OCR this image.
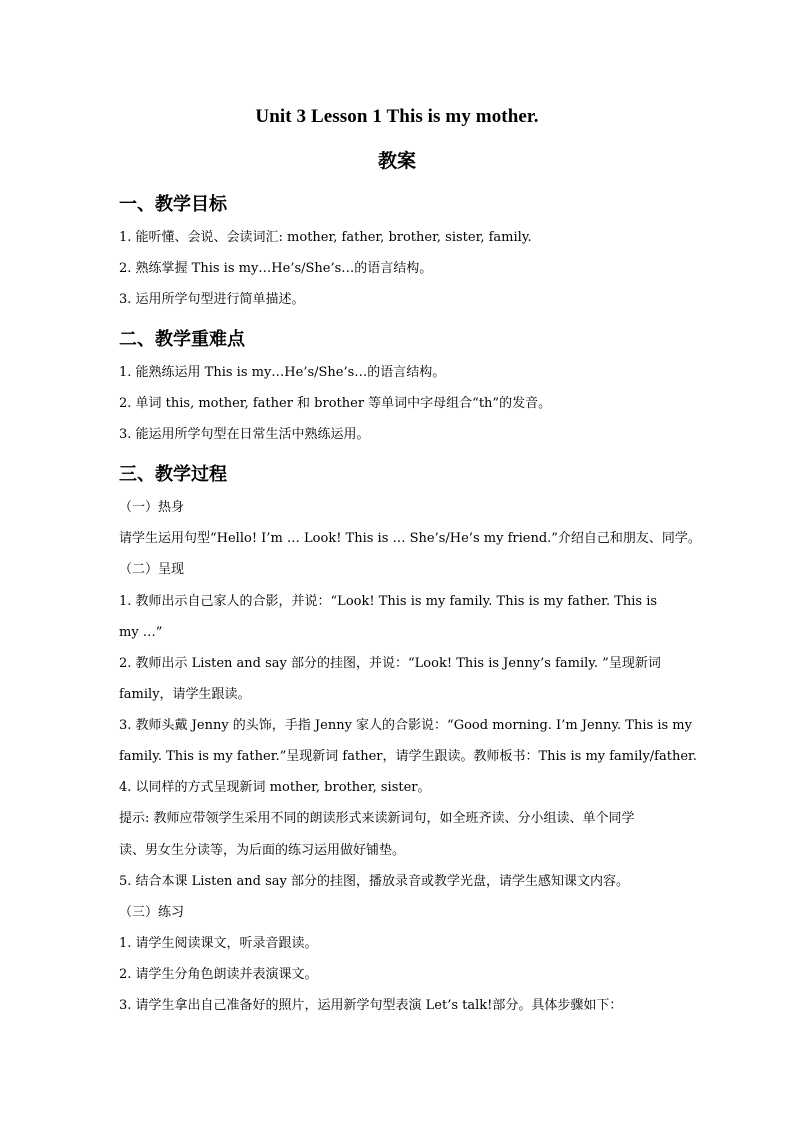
Unit 3 Lesson 1 This is my mother.
教案
一、教学目标
1. 能听懂、会说、会读词汇: mother, father, brother, sister, family.
2. 熟练掌握 This is my…He’s/She’s…的语言结构。
3. 运用所学句型进行简单描述。
二、教学重难点
1. 能熟练运用 This is my…He’s/She’s…的语言结构。
2. 单词 this, mother, father 和 brother 等单词中字母组合“th”的发音。
3. 能运用所学句型在日常生活中熟练运用。
三、教学过程
（一）热身
请学生运用句型“Hello! I’m … Look! This is … She’s/He’s my friend.”介绍自己和朋友、同学。
（二）呈现
1. 教师出示自己家人的合影，并说：“Look! This is my family. This is my father. This is
my …”
2. 教师出示 Listen and say 部分的挂图，并说：“Look! This is Jenny’s family. ”呈现新词
family，请学生跟读。
3. 教师头戴 Jenny 的头饰，手指 Jenny 家人的合影说：“Good morning. I’m Jenny. This is my
family. This is my father.”呈现新词 father，请学生跟读。教师板书：This is my family/father.
4. 以同样的方式呈现新词 mother, brother, sister。
提示: 教师应带领学生采用不同的朗读形式来读新词句，如全班齐读、分小组读、单个同学
读、男女生分读等，为后面的练习运用做好铺垫。
5. 结合本课 Listen and say 部分的挂图，播放录音或教学光盘，请学生感知课文内容。
（三）练习
1. 请学生阅读课文，听录音跟读。
2. 请学生分角色朗读并表演课文。
3. 请学生拿出自己准备好的照片，运用新学句型表演 Let’s talk!部分。具体步骤如下：
